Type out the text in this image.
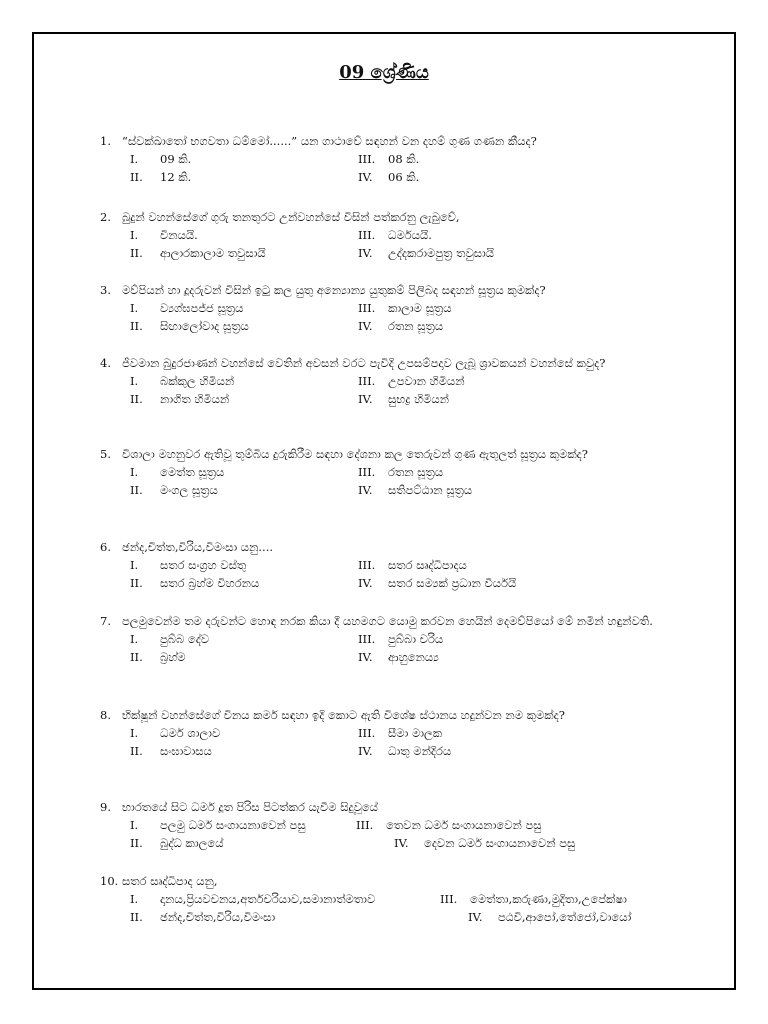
09 ශ්‍රේණිය
1. “ස්වක්ඛාතෝ භගවතා ධම්මෝ......” යන ගාථාවේ සඳහන් වන දහම් ගුණ ගණන කීයද?
I. 09 කි.	III. 08 කි.
II. 12 කි.	IV. 06 කි.
2. බුදුන් වහන්සේගේ ගුරු තනතුරට උන්වහන්සේ විසින් පත්කරනු ලැබුවේ,
I. විනයයි.	III. ධර්මයයි.
II. ආලාරකාලාම තවුසායි	IV. උද්දකරාමපුත්‍ර තවුසායි
3. මව්පියන් හා දූදරුවන් විසින් ඉටු කල යුතු අන්‍යොන්‍ය යුතුකම් පිලිබද සඳහන් සූත්‍රය කුමක්ද?
I. ව්‍යග්ඝපජ්ජ සූත්‍රය	III. කාලාම සූත්‍රය
II. සිඟාලෝවාද සූත්‍රය	IV. රතන සූත්‍රය
4. ජීවමාන බුදුරජාණන් වහන්සේ වෙතින් අවසන් වරට පැවිදි උපසම්පදාව ලැබූ ශ්‍රාවකයන් වහන්සේ කවුද?
I. බක්කුල හිමියන්	III. උපවාන හිමියන්
II. නාගිත හිමියන්	IV. සුභද්‍ර හිමියන්
5. විශාලා මහනුවර ඇතිවූ තුම්බිය දුරුකිරීම සඳහා දේශනා කල තෙරුවන් ගුණ ඇතුලත් සූත්‍රය කුමක්ද?
I. මෙත්ත සූත්‍රය	III. රතන සූත්‍රය
II. මංගල සූත්‍රය	IV. සතිපට්ඨාන සූත්‍රය
6. ඡන්ද,චිත්ත,විරිය,විමංසා යනු....
I. සතර සංග්‍රහ වස්තු	III. සතර සෘද්ධිපාදය
II. සතර බ්‍රහ්ම විහරනය	IV. සතර සම්‍යක් ප්‍රධාන වීර්යයි
7. පලමුවෙන්ම තම දරුවන්ට හොඳ නරක කියා දී යහමගට යොමු කරවන හෙයින් දෙමව්පියෝ මේ නමින් හඳුන්වති.
I. පුබ්බ දේව	III. පුබ්බා චරිය
II. බ්‍රහ්ම	IV. ආහුනෙය්‍ය
8. භික්ෂූන් වහන්සේගේ විනය කර්ම සඳහා ඉදි කොට ඇති විශේෂ ස්ථානය හදුන්වන නම කුමක්ද?
I. ධර්ම ශාලාව	III. සීමා මාලක
II. සංඝාවාසය	IV. ධාතු මන්දිරය
9. භාරතයේ සිට ධර්ම දූත පිරිස පිටත්කර යැවීම සිදුවූයේ
I. පලමු ධර්ම සංගායනාවෙන් පසු	III. තෙවන ධර්ම සංගායනාවෙන් පසු
II. බුද්ධ කාලයේ	IV. දෙවන ධර්ම සංගායනාවෙන් පසු
10. සතර සෘද්ධිපාද යනු,
I. දානය,ප්‍රියවචනය,අර්තචරියාව,සමානාත්මතාව	III. මෙත්තා,කරුණා,මුදිතා,උපේක්ෂා
II. ඡන්ද,චිත්ත,විරිය,විමංසා	IV. පඨවි,ආපෝ,තේජෝ,වායෝ
